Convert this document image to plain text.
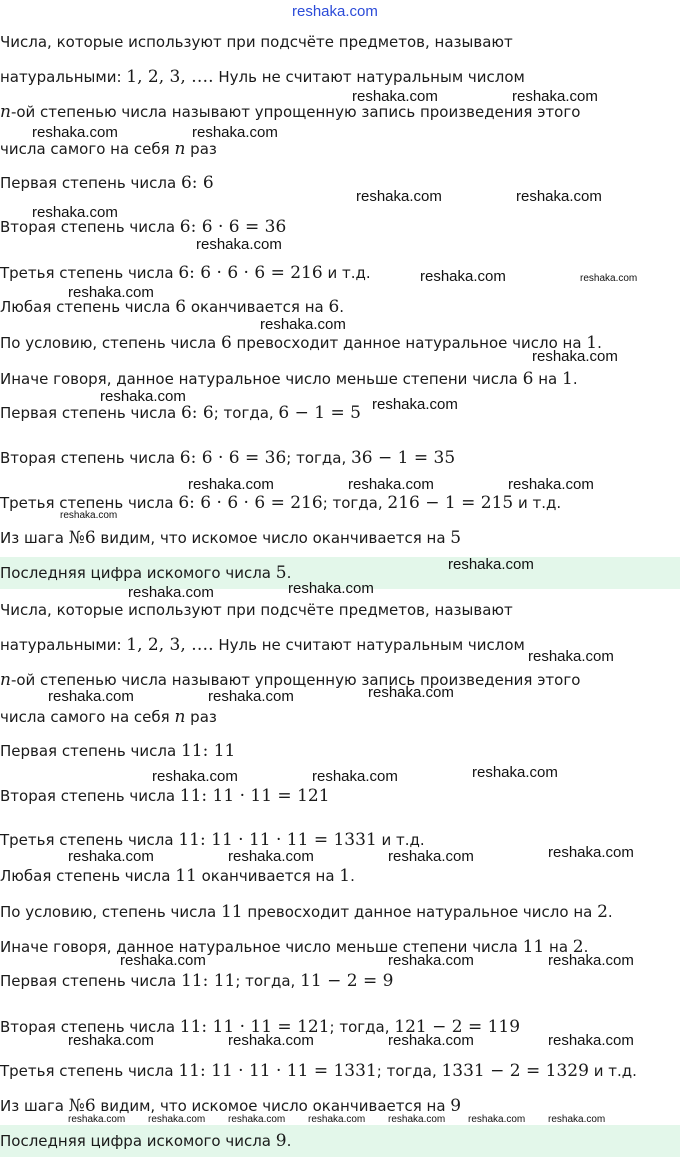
reshaka.com
Числа, которые используют при подсчёте предметов, называют
натуральными: 1, 2, 3, …. Нуль не считают натуральным числом
n-ой степенью числа называют упрощенную запись произведения этого
числа самого на себя n раз
Первая степень числа 6: 6
Вторая степень числа 6: 6 · 6 = 36
Третья степень числа 6: 6 · 6 · 6 = 216 и т.д.
Любая степень числа 6 оканчивается на 6.
По условию, степень числа 6 превосходит данное натуральное число на 1.
Иначе говоря, данное натуральное число меньше степени числа 6 на 1.
Первая степень числа 6: 6; тогда, 6 − 1 = 5
Вторая степень числа 6: 6 · 6 = 36; тогда, 36 − 1 = 35
Третья степень числа 6: 6 · 6 · 6 = 216; тогда, 216 − 1 = 215 и т.д.
Из шага №6 видим, что искомое число оканчивается на 5
Последняя цифра искомого числа 5.
Числа, которые используют при подсчёте предметов, называют
натуральными: 1, 2, 3, …. Нуль не считают натуральным числом
n-ой степенью числа называют упрощенную запись произведения этого
числа самого на себя n раз
Первая степень числа 11: 11
Вторая степень числа 11: 11 · 11 = 121
Третья степень числа 11: 11 · 11 · 11 = 1331 и т.д.
Любая степень числа 11 оканчивается на 1.
По условию, степень числа 11 превосходит данное натуральное число на 2.
Иначе говоря, данное натуральное число меньше степени числа 11 на 2.
Первая степень числа 11: 11; тогда, 11 − 2 = 9
Вторая степень числа 11: 11 · 11 = 121; тогда, 121 − 2 = 119
Третья степень числа 11: 11 · 11 · 11 = 1331; тогда, 1331 − 2 = 1329 и т.д.
Из шага №6 видим, что искомое число оканчивается на 9
Последняя цифра искомого числа 9.
reshaka.com	reshaka.com
reshaka.com	reshaka.com
reshaka.com	reshaka.com
reshaka.com
reshaka.com
reshaka.com
reshaka.com
reshaka.com
reshaka.com
reshaka.com	reshaka.com
reshaka.com	reshaka.com	reshaka.com
reshaka.com
reshaka.com	reshaka.com
reshaka.com
reshaka.com	reshaka.com	reshaka.com
reshaka.com	reshaka.com	reshaka.com
reshaka.com	reshaka.com	reshaka.com	reshaka.com
reshaka.com	reshaka.com	reshaka.com
reshaka.com	reshaka.com	reshaka.com	reshaka.com
reshaka.com
reshaka.com
reshaka.com reshaka.com reshaka.com reshaka.com reshaka.com reshaka.com reshaka.com
